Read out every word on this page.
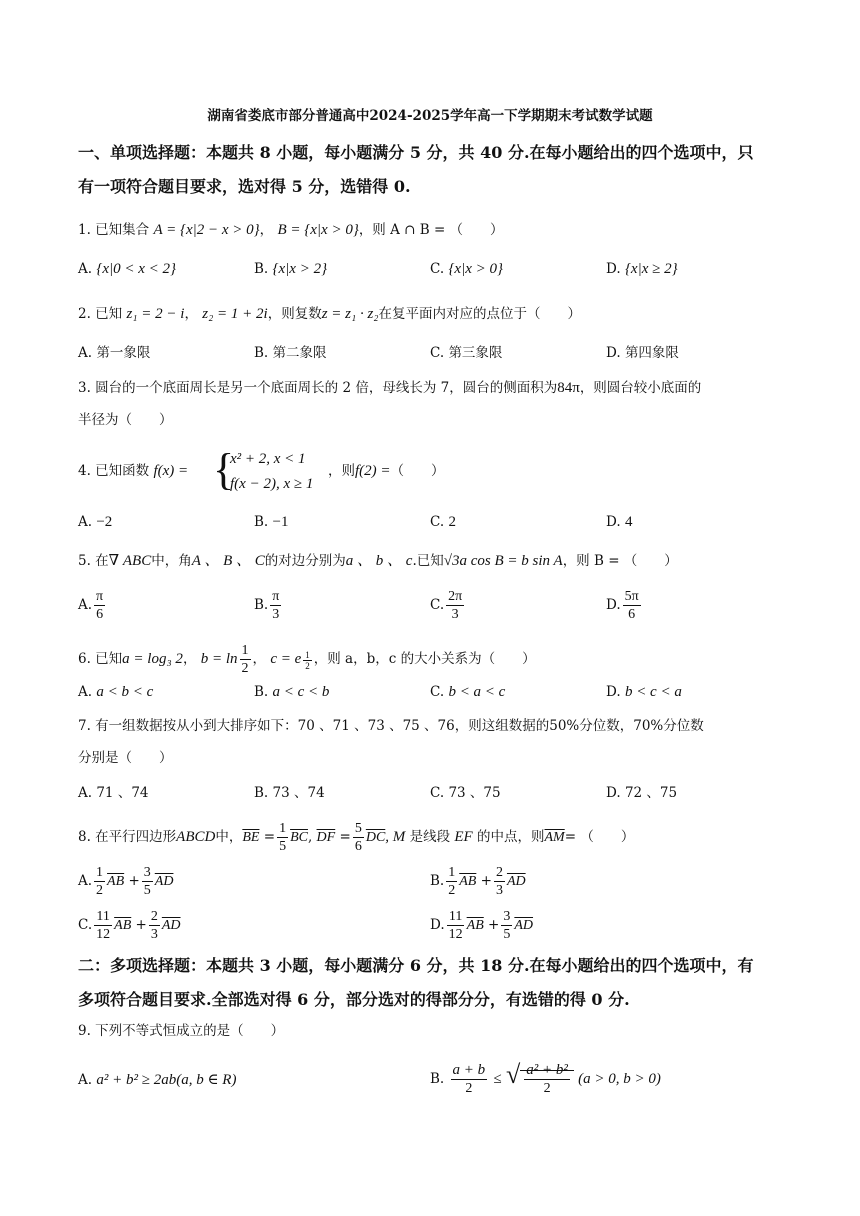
湖南省娄底市部分普通高中2024-2025学年高一下学期期末考试数学试题
一、单项选择题：本题共 8 小题，每小题满分 5 分，共 40 分.在每小题给出的四个选项中，只
有一项符合题目要求，选对得 5 分，选错得 0.
1. 已知集合 A = {x|2 − x > 0}， B = {x|x > 0}，则 A ∩ B = （　　）
A. {x|0 < x < 2}	B. {x|x > 2}	C. {x|x > 0}	D. {x|x ≥ 2}
2. 已知 z₁ = 2 − i， z₂ = 1 + 2i，则复数z = z₁ · z₂在复平面内对应的点位于（　　）
A. 第一象限	B. 第二象限	C. 第三象限	D. 第四象限
3. 圆台的一个底面周长是另一个底面周长的 2 倍，母线长为 7，圆台的侧面积为84π，则圆台较小底面的
半径为（　　）
4. 已知函数 f(x) = {
x² + 2, x < 1
f(x − 2), x ≥ 1
，则f(2) =（　　）
A. −2	B. −1	C. 2	D. 4
5. 在∇ ABC中，角A 、 B 、 C的对边分别为a 、 b 、 c.已知√3a cos B = b sin A，则 B = （　　）
A. $\frac{\pi}{6}$	B. $\frac{\pi}{3}$	C. $\frac{2\pi}{3}$	D. $\frac{5\pi}{6}$
6. 已知a = log₃ 2， $b = \ln \frac{1}{2}$ ， c = e $\frac{1}{2}$ ，则 a，b，c 的大小关系为（　　）
A. a < b < c	B. a < c < b	C. b < a < c	D. b < c < a
7. 有一组数据按从小到大排序如下：70 、71 、73 、75 、76，则这组数据的50%分位数，70%分位数
分别是（　　）
A. 71 、74	B. 73 、74	C. 73 、75	D. 72 、75
8. 在平行四边形ABCD中，$\overline{BE} = \frac{1}{5} \overline{BC}$, $\overline{DF} = \frac{5}{6} \overline{DC}$, M 是线段 EF 的中点，则$\overline{AM}=$ （　　）
A. $\frac{1}{2} \overline{AB} + \frac{3}{5} \overline{AD}$	B. $\frac{1}{2} \overline{AB} + \frac{2}{3} \overline{AD}$
C. $\frac{11}{12} \overline{AB} + \frac{2}{3} \overline{AD}$	D. $\frac{11}{12} \overline{AB} + \frac{3}{5} \overline{AD}$
二：多项选择题：本题共 3 小题，每小题满分 6 分，共 18 分.在每小题给出的四个选项中，有
多项符合题目要求.全部选对得 6 分，部分选对的得部分分，有选错的得 0 分.
9. 下列不等式恒成立的是（　　）
A. a² + b² ≥ 2ab(a, b ∈ R)	B. $\frac{a + b}{2}$ ≤ √ $\frac{\text{a² + b²}}{2} (a > 0$, b > 0)
